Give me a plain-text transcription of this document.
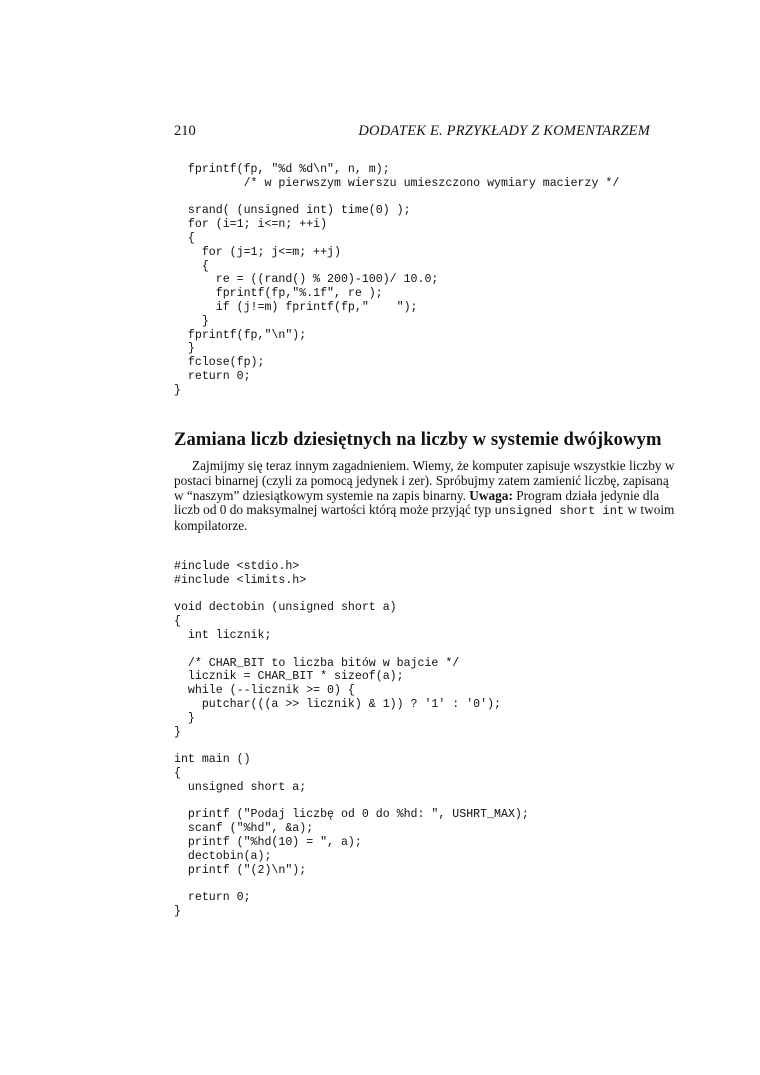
210	DODATEK E. PRZYKŁADY Z KOMENTARZEM
fprintf(fp, "%d %d\n", n, m);
/* w pierwszym wierszu umieszczono wymiary macierzy */

srand( (unsigned int) time(0) );
for (i=1; i<=n; ++i)
{
for (j=1; j<=m; ++j)
{
re = ((rand() % 200)-100)/ 10.0;
fprintf(fp,"%.1f", re );
if (j!=m) fprintf(fp,"    ");
}
fprintf(fp,"\n");
}
fclose(fp);
return 0;
}
Zamiana liczb dziesiętnych na liczby w systemie dwójkowym
Zajmijmy się teraz innym zagadnieniem. Wiemy, że komputer zapisuje wszystkie liczby w
postaci binarnej (czyli za pomocą jedynek i zer). Spróbujmy zatem zamienić liczbę, zapisaną
w “naszym” dziesiątkowym systemie na zapis binarny. Uwaga: Program działa jedynie dla
liczb od 0 do maksymalnej wartości którą może przyjąć typ unsigned short int w twoim
kompilatorze.
#include <stdio.h>
#include <limits.h>

void dectobin (unsigned short a)
{
int licznik;

/* CHAR_BIT to liczba bitów w bajcie */
licznik = CHAR_BIT * sizeof(a);
while (--licznik >= 0) {
putchar(((a >> licznik) & 1)) ? '1' : '0');
}
}

int main ()
{
unsigned short a;

printf ("Podaj liczbę od 0 do %hd: ", USHRT_MAX);
scanf ("%hd", &a);
printf ("%hd(10) = ", a);
dectobin(a);
printf ("(2)\n");

return 0;
}
